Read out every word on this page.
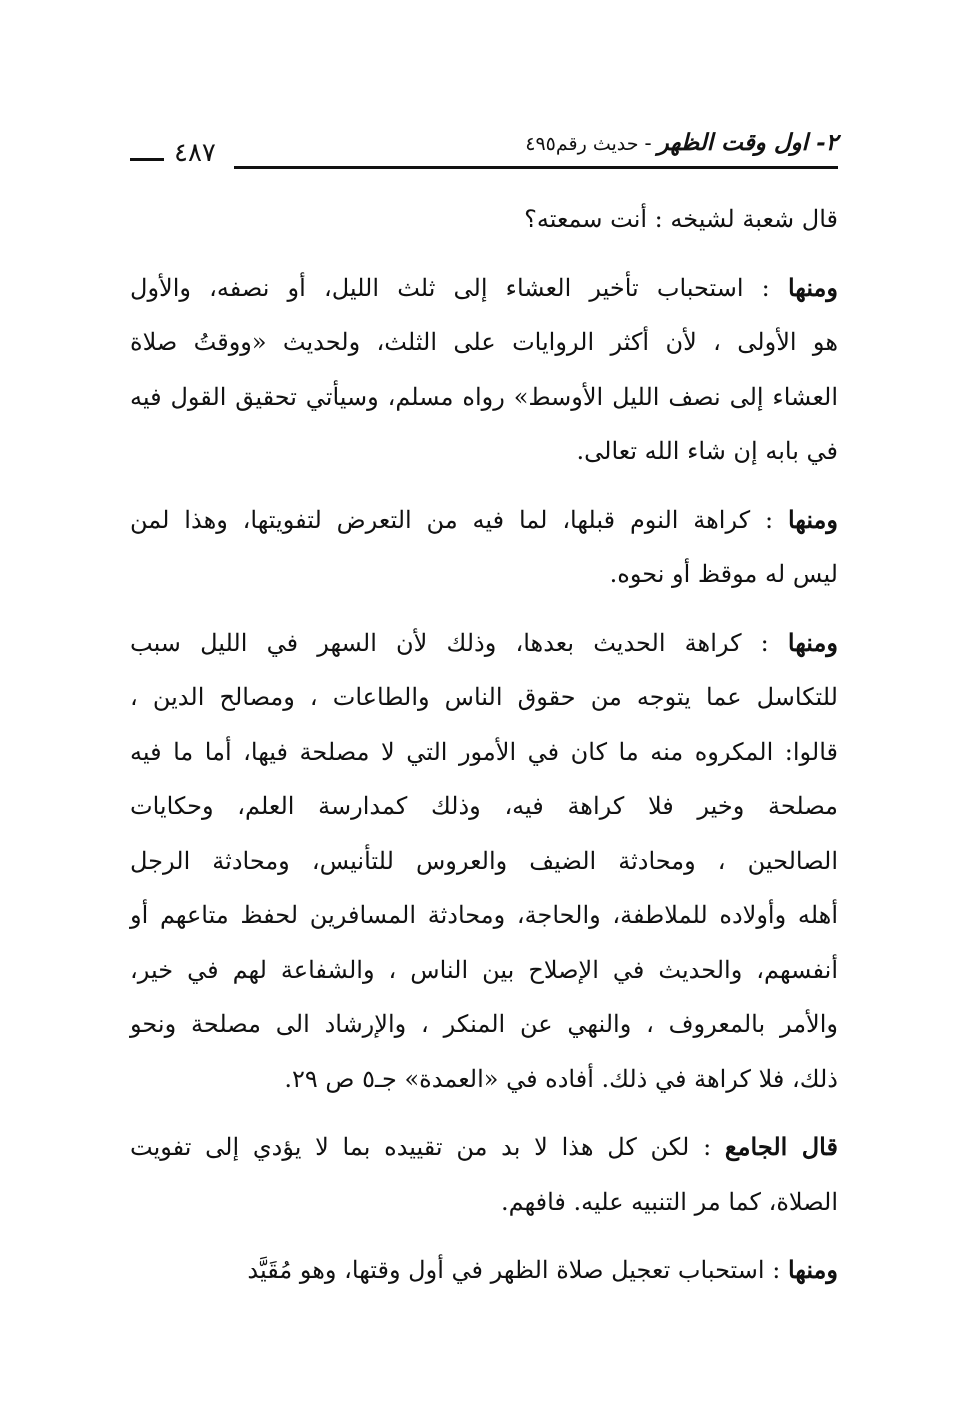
٢- اول وقت الظهر-حديث رقم٤٩٥
٤٨٧
قال شعبة لشيخه : أنت سمعته؟
ومنها : استحباب تأخير العشاء إلى ثلث الليل، أو نصفه، والأول
هو الأولى ، لأن أكثر الروايات على الثلث، ولحديث «ووقتُ صلاة
العشاء إلى نصف الليل الأوسط» رواه مسلم، وسيأتي تحقيق القول فيه
في بابه إن شاء الله تعالى.
ومنها : كراهة النوم قبلها، لما فيه من التعرض لتفويتها، وهذا لمن
ليس له موقظ أو نحوه.
ومنها : كراهة الحديث بعدها، وذلك لأن السهر في الليل سبب
للتكاسل عما يتوجه من حقوق الناس والطاعات ، ومصالح الدين ،
قالوا: المكروه منه ما كان في الأمور التي لا مصلحة فيها، أما ما فيه
مصلحة وخير فلا كراهة فيه، وذلك كمدارسة العلم، وحكايات
الصالحين ، ومحادثة الضيف والعروس للتأنيس، ومحادثة الرجل
أهله وأولاده للملاطفة، والحاجة، ومحادثة المسافرين لحفظ متاعهم أو
أنفسهم، والحديث في الإصلاح بين الناس ، والشفاعة لهم في خير،
والأمر بالمعروف ، والنهي عن المنكر ، والإرشاد الى مصلحة ونحو
ذلك، فلا كراهة في ذلك. أفاده في «العمدة» جـ٥ ص ٢٩.
قال الجامع : لكن كل هذا لا بد من تقييده بما لا يؤدي إلى تفويت
الصلاة، كما مر التنبيه عليه. فافهم.
ومنها : استحباب تعجيل صلاة الظهر في أول وقتها، وهو مُقَيَّد
